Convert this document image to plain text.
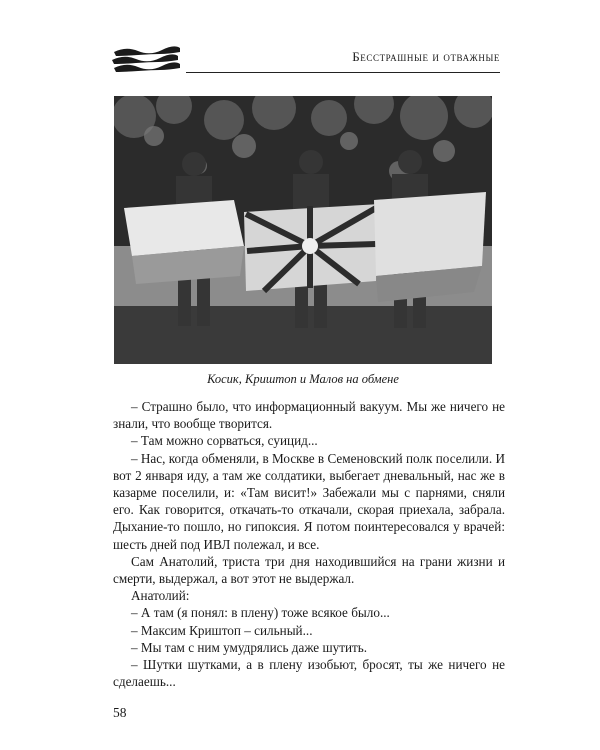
Бесстрашные и отважные
Косик, Криштоп и Малов на обмене

– Страшно было, что информационный вакуум. Мы же ничего не знали, что вообще творится.

– Там можно сорваться, суицид...

– Нас, когда обменяли, в Москве в Семеновский полк поселили. И вот 2 января иду, а там же солдатики, выбегает дневальный, нас же в казарме поселили, и: «Там висит!» Забежали мы с парнями, сняли его. Как говорится, откачать-то откачали, скорая приехала, забрала. Дыхание-то пошло, но гипоксия. Я потом поинтересовался у врачей: шесть дней под ИВЛ полежал, и все.

Сам Анатолий, триста три дня находившийся на грани жизни и смерти, выдержал, а вот этот не выдержал.

Анатолий:

– А там (я понял: в плену) тоже всякое было...

– Максим Криштоп – сильный...

– Мы там с ним умудрялись даже шутить.

– Шутки шутками, а в плену изобьют, бросят, ты же ничего не сделаешь...

58
